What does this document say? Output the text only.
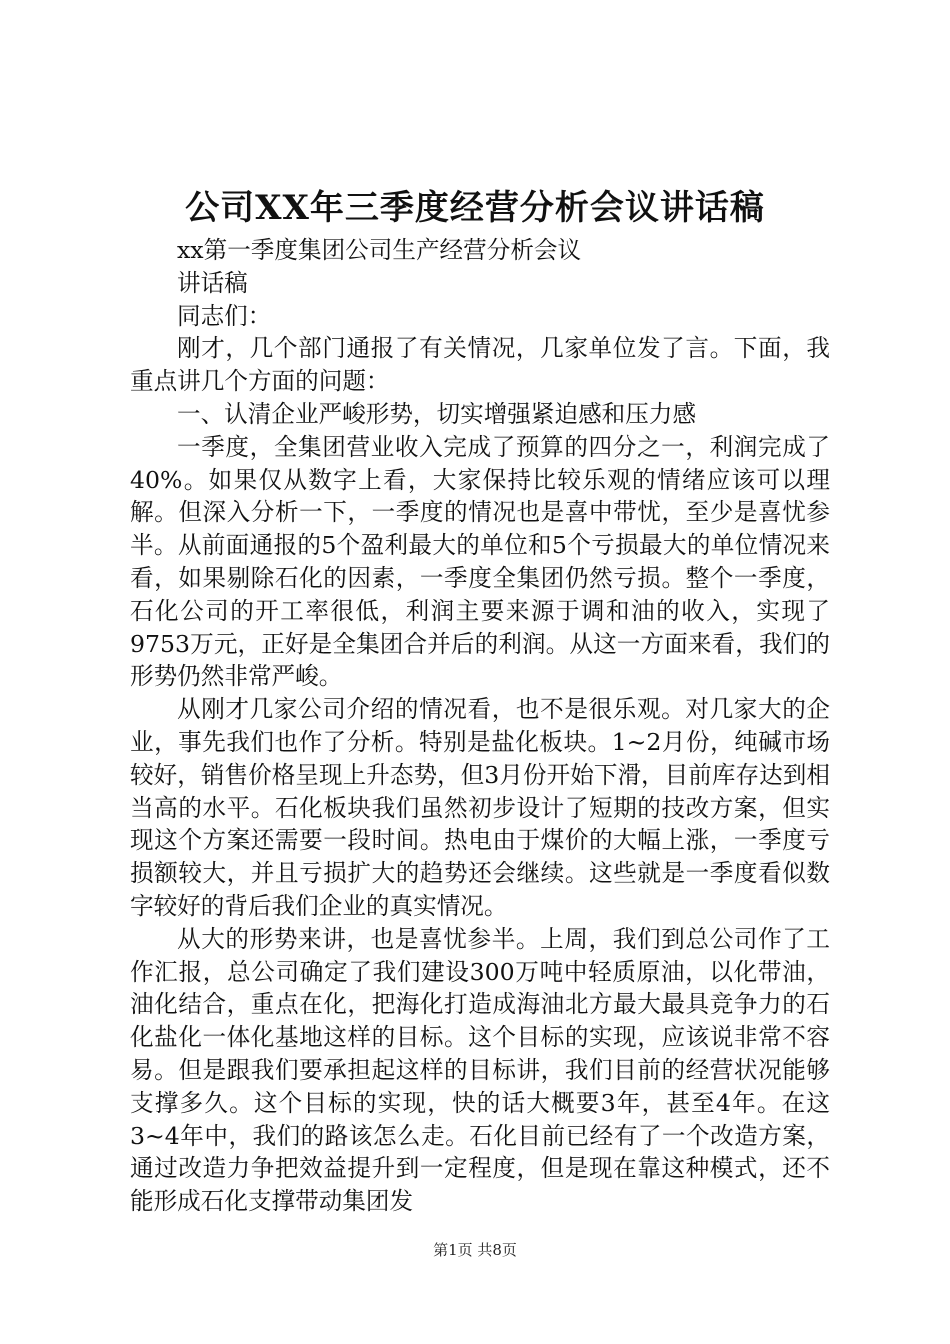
公司XX年三季度经营分析会议讲话稿

xx第一季度集团公司生产经营分析会议

讲话稿

同志们：

刚才，几个部门通报了有关情况，几家单位发了言。下面，我重点讲几个方面的问题：

一、认清企业严峻形势，切实增强紧迫感和压力感

一季度，全集团营业收入完成了预算的四分之一，利润完成了40%。如果仅从数字上看，大家保持比较乐观的情绪应该可以理解。但深入分析一下，一季度的情况也是喜中带忧，至少是喜忧参半。从前面通报的5个盈利最大的单位和5个亏损最大的单位情况来看，如果剔除石化的因素，一季度全集团仍然亏损。整个一季度，石化公司的开工率很低，利润主要来源于调和油的收入，实现了9753万元，正好是全集团合并后的利润。从这一方面来看，我们的形势仍然非常严峻。

从刚才几家公司介绍的情况看，也不是很乐观。对几家大的企业，事先我们也作了分析。特别是盐化板块。1~2月份，纯碱市场较好，销售价格呈现上升态势，但3月份开始下滑，目前库存达到相当高的水平。石化板块我们虽然初步设计了短期的技改方案，但实现这个方案还需要一段时间。热电由于煤价的大幅上涨，一季度亏损额较大，并且亏损扩大的趋势还会继续。这些就是一季度看似数字较好的背后我们企业的真实情况。

从大的形势来讲，也是喜忧参半。上周，我们到总公司作了工作汇报，总公司确定了我们建设300万吨中轻质原油，以化带油，油化结合，重点在化，把海化打造成海油北方最大最具竞争力的石化盐化一体化基地这样的目标。这个目标的实现，应该说非常不容易。但是跟我们要承担起这样的目标讲，我们目前的经营状况能够支撑多久。这个目标的实现，快的话大概要3年，甚至4年。在这3~4年中，我们的路该怎么走。石化目前已经有了一个改造方案，通过改造力争把效益提升到一定程度，但是现在靠这种模式，还不能形成石化支撑带动集团发

第1页 共8页
